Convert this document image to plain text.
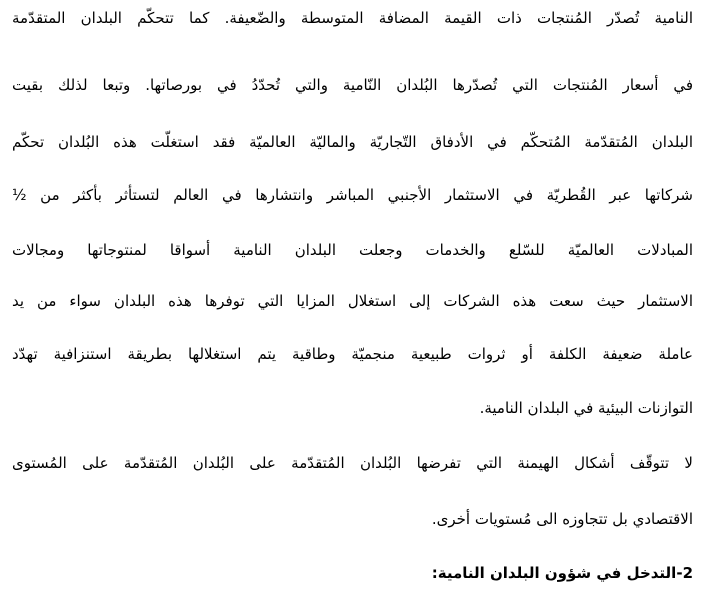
النامية تُصدّر المُنتجات ذات القيمة المضافة المتوسطة والضّعيفة. كما تتحكّم البلدان المتقدّمة
في أسعار المُنتجات التي تُصدّرها البُلدان النّامية والتي تُحدّدُ في بورصاتها. وتبعا لذلك بقيت
البلدان المُتقدّمة المُتحكّم في الأدفاق التّجاريّة والماليّة العالميّة فقد استغلّت هذه البُلدان تحكّم
شركاتها عبر القُطريّة في الاستثمار الأجنبي المباشر وانتشارها في العالم لتستأثر بأكثر من ½
المبادلات العالميّة للسّلع والخدمات وجعلت البلدان النامية أسواقا لمنتوجاتها ومجالات
الاستثمار حيث سعت هذه الشركات إلى استغلال المزايا التي توفرها هذه البلدان سواء من يد
عاملة ضعيفة الكلفة أو ثروات طبيعية منجميّة وطاقية يتم استغلالها بطريقة استنزافية تهدّد
التوازنات البيئية في البلدان النامية.
لا تتوقّف أشكال الهيمنة التي تفرضها البُلدان المُتقدّمة على البُلدان المُتقدّمة على المُستوى
الاقتصادي بل تتجاوزه الى مُستويات أخرى.
2-التدخل في شؤون البلدان النامية:
